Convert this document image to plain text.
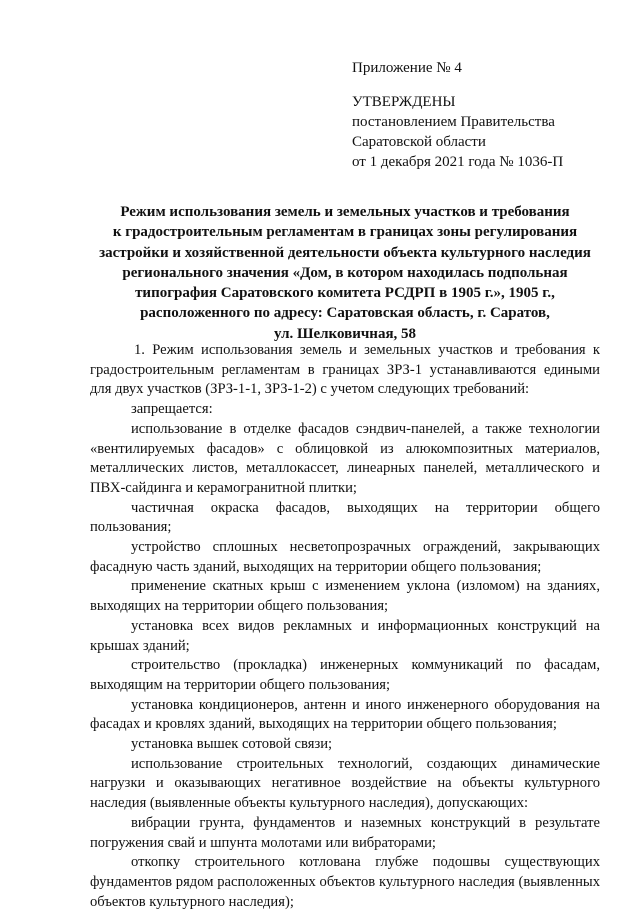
Приложение № 4
УТВЕРЖДЕНЫ
постановлением Правительства
Саратовской области
от 1 декабря 2021 года № 1036-П
Режим использования земель и земельных участков и требования
к градостроительным регламентам в границах зоны регулирования
застройки и хозяйственной деятельности объекта культурного наследия
регионального значения «Дом, в котором находилась подпольная
типография Саратовского комитета РСДРП в 1905 г.», 1905 г.,
расположенного по адресу: Саратовская область, г. Саратов,
ул. Шелковичная, 58

1. Режим использования земель и земельных участков и требования к градостроительным регламентам в границах ЗРЗ-1 устанавливаются едиными для двух участков (ЗРЗ-1-1, ЗРЗ-1-2) с учетом следующих требований:

запрещается:

использование в отделке фасадов сэндвич-панелей, а также технологии «вентилируемых фасадов» с облицовкой из алюкомпозитных материалов, металлических листов, металлокассет, линеарных панелей, металлического и ПВХ-сайдинга и керамогранитной плитки;

частичная окраска фасадов, выходящих на территории общего пользования;

устройство сплошных несветопрозрачных ограждений, закрывающих фасадную часть зданий, выходящих на территории общего пользования;

применение скатных крыш с изменением уклона (изломом) на зданиях, выходящих на территории общего пользования;

установка всех видов рекламных и информационных конструкций на крышах зданий;

строительство (прокладка) инженерных коммуникаций по фасадам, выходящим на территории общего пользования;

установка кондиционеров, антенн и иного инженерного оборудования на фасадах и кровлях зданий, выходящих на территории общего пользования;

установка вышек сотовой связи;

использование строительных технологий, создающих динамические нагрузки и оказывающих негативное воздействие на объекты культурного наследия (выявленные объекты культурного наследия), допускающих:

вибрации грунта, фундаментов и наземных конструкций в результате погружения свай и шпунта молотами или вибраторами;

откопку строительного котлована глубже подошвы существующих фундаментов рядом расположенных объектов культурного наследия (выявленных объектов культурного наследия);
